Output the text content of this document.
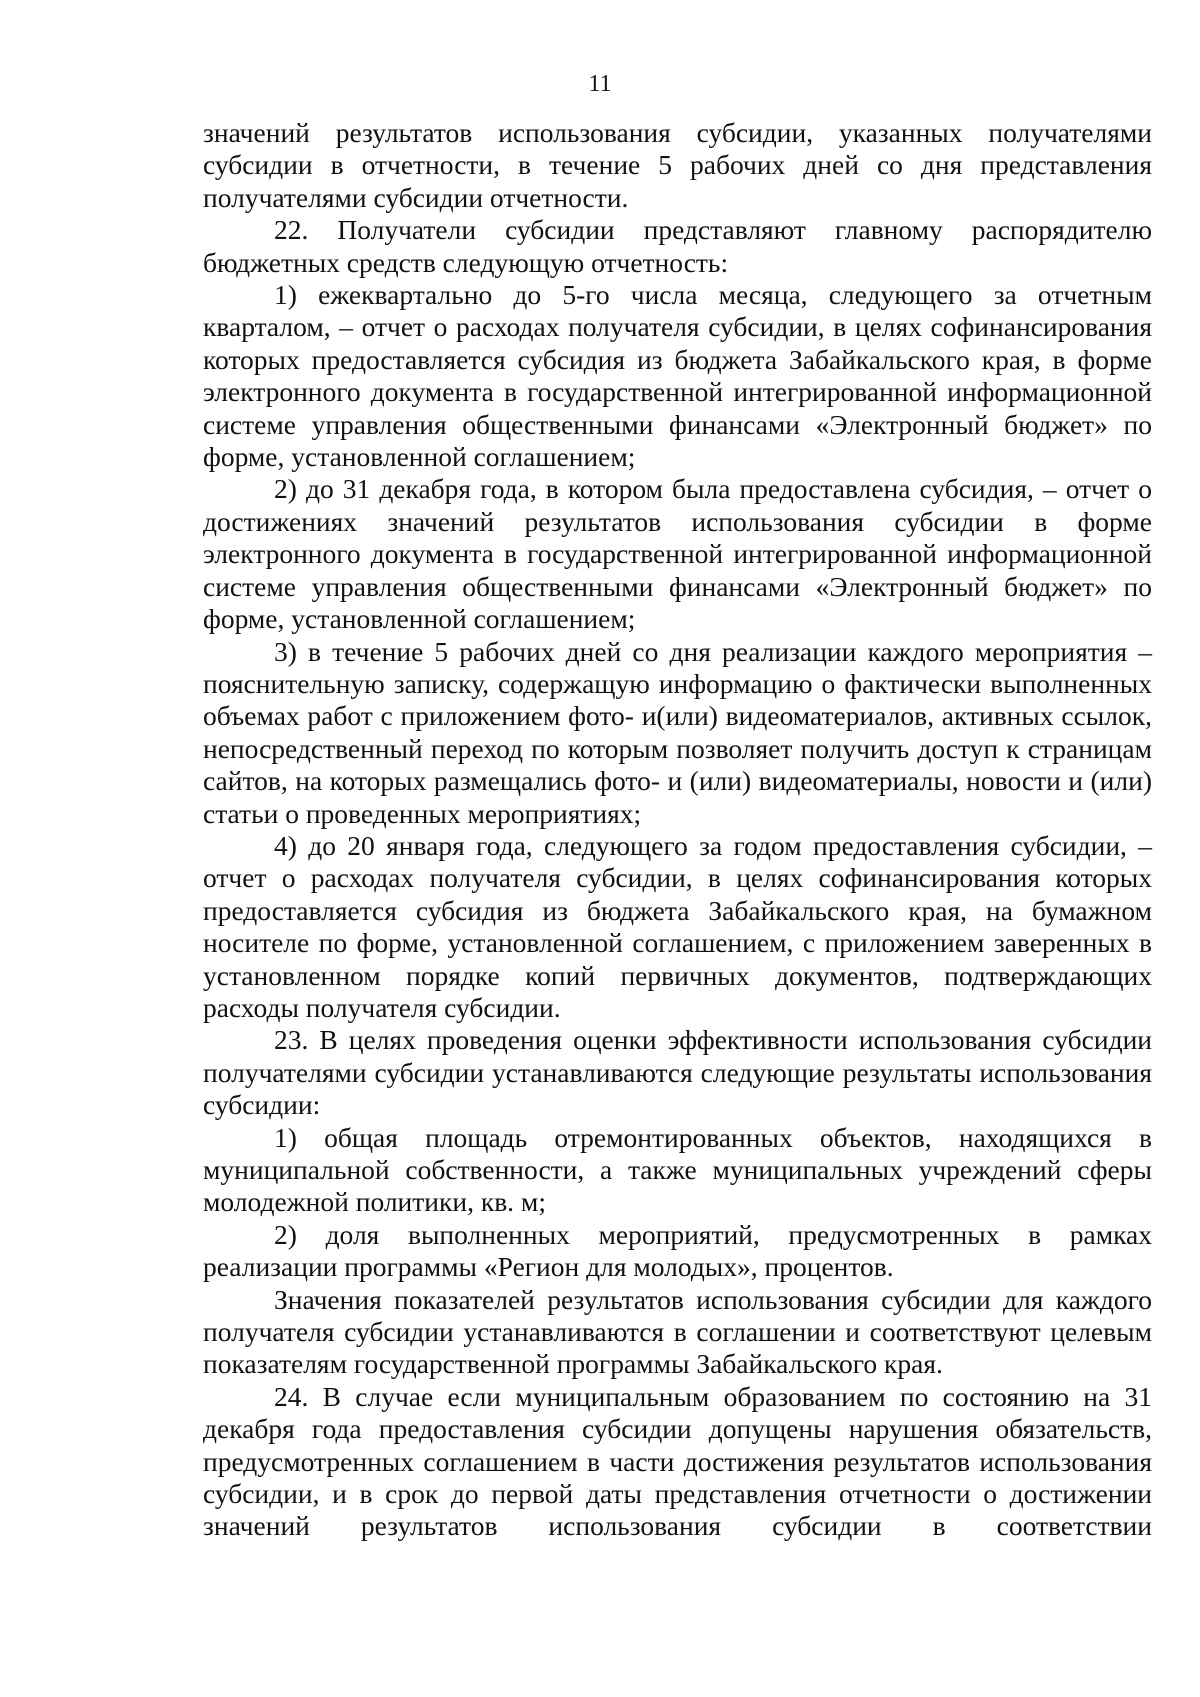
11

значений результатов использования субсидии, указанных получателями субсидии в отчетности, в течение 5 рабочих дней со дня представления получателями субсидии отчетности.

22. Получатели субсидии представляют главному распорядителю бюджетных средств следующую отчетность:

1) ежеквартально до 5-го числа месяца, следующего за отчетным кварталом, – отчет о расходах получателя субсидии, в целях софинансирования которых предоставляется субсидия из бюджета Забайкальского края, в форме электронного документа в государственной интегрированной информационной системе управления общественными финансами «Электронный бюджет» по форме, установленной соглашением;

2) до 31 декабря года, в котором была предоставлена субсидия, – отчет о достижениях значений результатов использования субсидии в форме электронного документа в государственной интегрированной информационной системе управления общественными финансами «Электронный бюджет» по форме, установленной соглашением;

3) в течение 5 рабочих дней со дня реализации каждого мероприятия – пояснительную записку, содержащую информацию о фактически выполненных объемах работ с приложением фото- и(или) видеоматериалов, активных ссылок, непосредственный переход по которым позволяет получить доступ к страницам сайтов, на которых размещались фото- и (или) видеоматериалы, новости и (или) статьи о проведенных мероприятиях;

4) до 20 января года, следующего за годом предоставления субсидии, – отчет о расходах получателя субсидии, в целях софинансирования которых предоставляется субсидия из бюджета Забайкальского края, на бумажном носителе по форме, установленной соглашением, с приложением заверенных в установленном порядке копий первичных документов, подтверждающих расходы получателя субсидии.

23. В целях проведения оценки эффективности использования субсидии получателями субсидии устанавливаются следующие результаты использования субсидии:

1) общая площадь отремонтированных объектов, находящихся в муниципальной собственности, а также муниципальных учреждений сферы молодежной политики, кв. м;

2) доля выполненных мероприятий, предусмотренных в рамках реализации программы «Регион для молодых», процентов.

Значения показателей результатов использования субсидии для каждого получателя субсидии устанавливаются в соглашении и соответствуют целевым показателям государственной программы Забайкальского края.

24. В случае если муниципальным образованием по состоянию на 31 декабря года предоставления субсидии допущены нарушения обязательств, предусмотренных соглашением в части достижения результатов использования субсидии, и в срок до первой даты представления отчетности о достижении значений результатов использования субсидии в соответствии
